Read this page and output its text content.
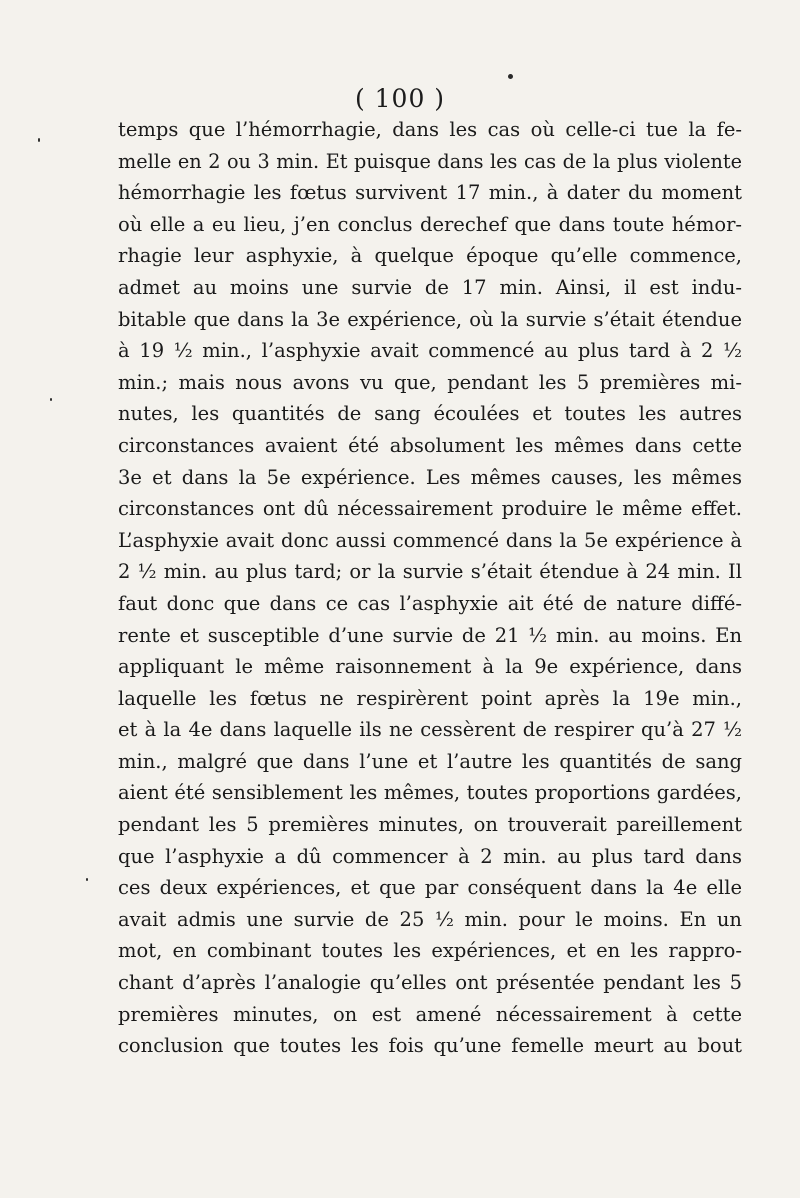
( 100 )
temps que l’hémorrhagie, dans les cas où celle-ci tue la fe-
melle en 2 ou 3 min. Et puisque dans les cas de la plus violente
hémorrhagie les fœtus survivent 17 min., à dater du moment
où elle a eu lieu, j’en conclus derechef que dans toute hémor-
rhagie leur asphyxie, à quelque époque qu’elle commence,
admet au moins une survie de 17 min. Ainsi, il est indu-
bitable que dans la 3e expérience, où la survie s’était étendue
à 19 ½ min., l’asphyxie avait commencé au plus tard à 2 ½
min.; mais nous avons vu que, pendant les 5 premières mi-
nutes, les quantités de sang écoulées et toutes les autres
circonstances avaient été absolument les mêmes dans cette
3e et dans la 5e expérience. Les mêmes causes, les mêmes
circonstances ont dû nécessairement produire le même effet.
L’asphyxie avait donc aussi commencé dans la 5e expérience à
2 ½ min. au plus tard; or la survie s’était étendue à 24 min. Il
faut donc que dans ce cas l’asphyxie ait été de nature diffé-
rente et susceptible d’une survie de 21 ½ min. au moins. En
appliquant le même raisonnement à la 9e expérience, dans
laquelle les fœtus ne respirèrent point après la 19e min.,
et à la 4e dans laquelle ils ne cessèrent de respirer qu’à 27 ½
min., malgré que dans l’une et l’autre les quantités de sang
aient été sensiblement les mêmes, toutes proportions gardées,
pendant les 5 premières minutes, on trouverait pareillement
que l’asphyxie a dû commencer à 2 min. au plus tard dans
ces deux expériences, et que par conséquent dans la 4e elle
avait admis une survie de 25 ½ min. pour le moins. En un
mot, en combinant toutes les expériences, et en les rappro-
chant d’après l’analogie qu’elles ont présentée pendant les 5
premières minutes, on est amené nécessairement à cette
conclusion que toutes les fois qu’une femelle meurt au bout
